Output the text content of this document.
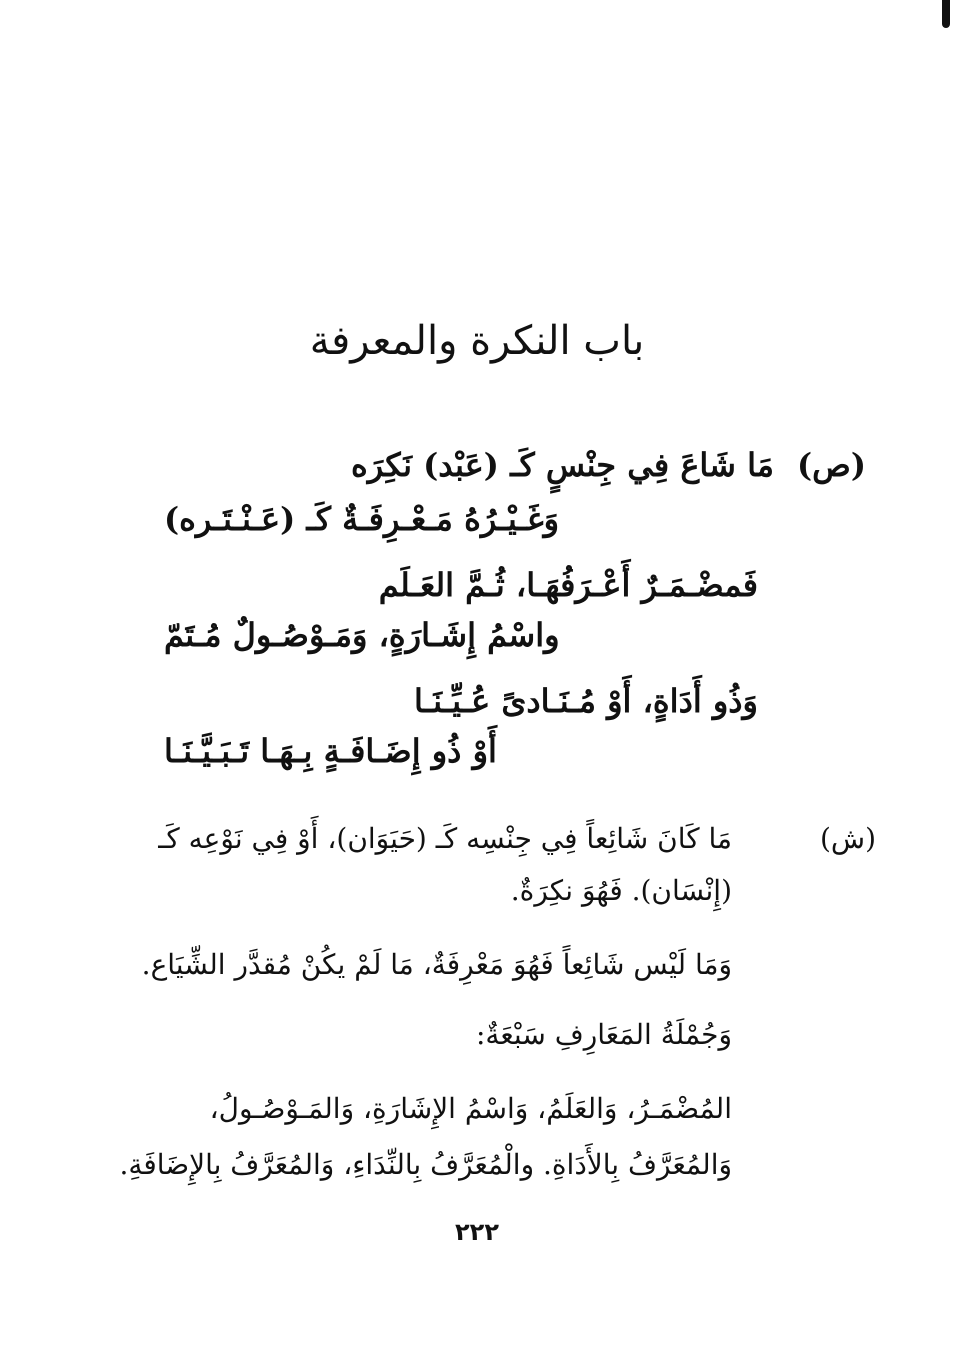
باب النكرة والمعرفة
(ص)
مَا شَاعَ فِي جِنْسٍ كَـ (عَبْد) نَكِرَه
وَغَـيْـرُهُ مَـعْـرِفَـةٌ كَـ (عَـنْـتَـره)
فَمضْـمَـرٌ أَعْـرَفُهَـا، ثُـمَّ العَـلَم
واسْمُ إِشَـارَةٍ، وَمَـوْصُـولٌ مُـتَمّ
وَذُو أَدَاةٍ، أَوْ مُـنَـادىً عُـيِّـنَـا
أَوْ ذُو إِضَـافَـةٍ بِـهَـا تَـبَـيَّـنَـا
(ش)
مَا كَانَ شَائِعاً فِي جِنْسِه كَـ (حَيَوَان)، أَوْ فِي نَوْعِه كَـ
(إِنْسَان). فَهُوَ نكِرَةٌ.
وَمَا لَيْس شَائِعاً فَهُوَ مَعْرِفَةٌ، مَا لَمْ يكُنْ مُقدَّر الشِّيَاع.
وَجُمْلَةُ المَعَارِفِ سَبْعَةٌ:
المُضْمَـرُ، وَالعَلَمُ، وَاسْمُ الإِشَارَةِ، وَالمَـوْصُـولُ،
وَالمُعَرَّفُ بِالأَدَاةِ. والْمُعَرَّفُ بِالنِّدَاءِ، وَالمُعَرَّفُ بِالإِضَافَةِ.
٢٢٢
